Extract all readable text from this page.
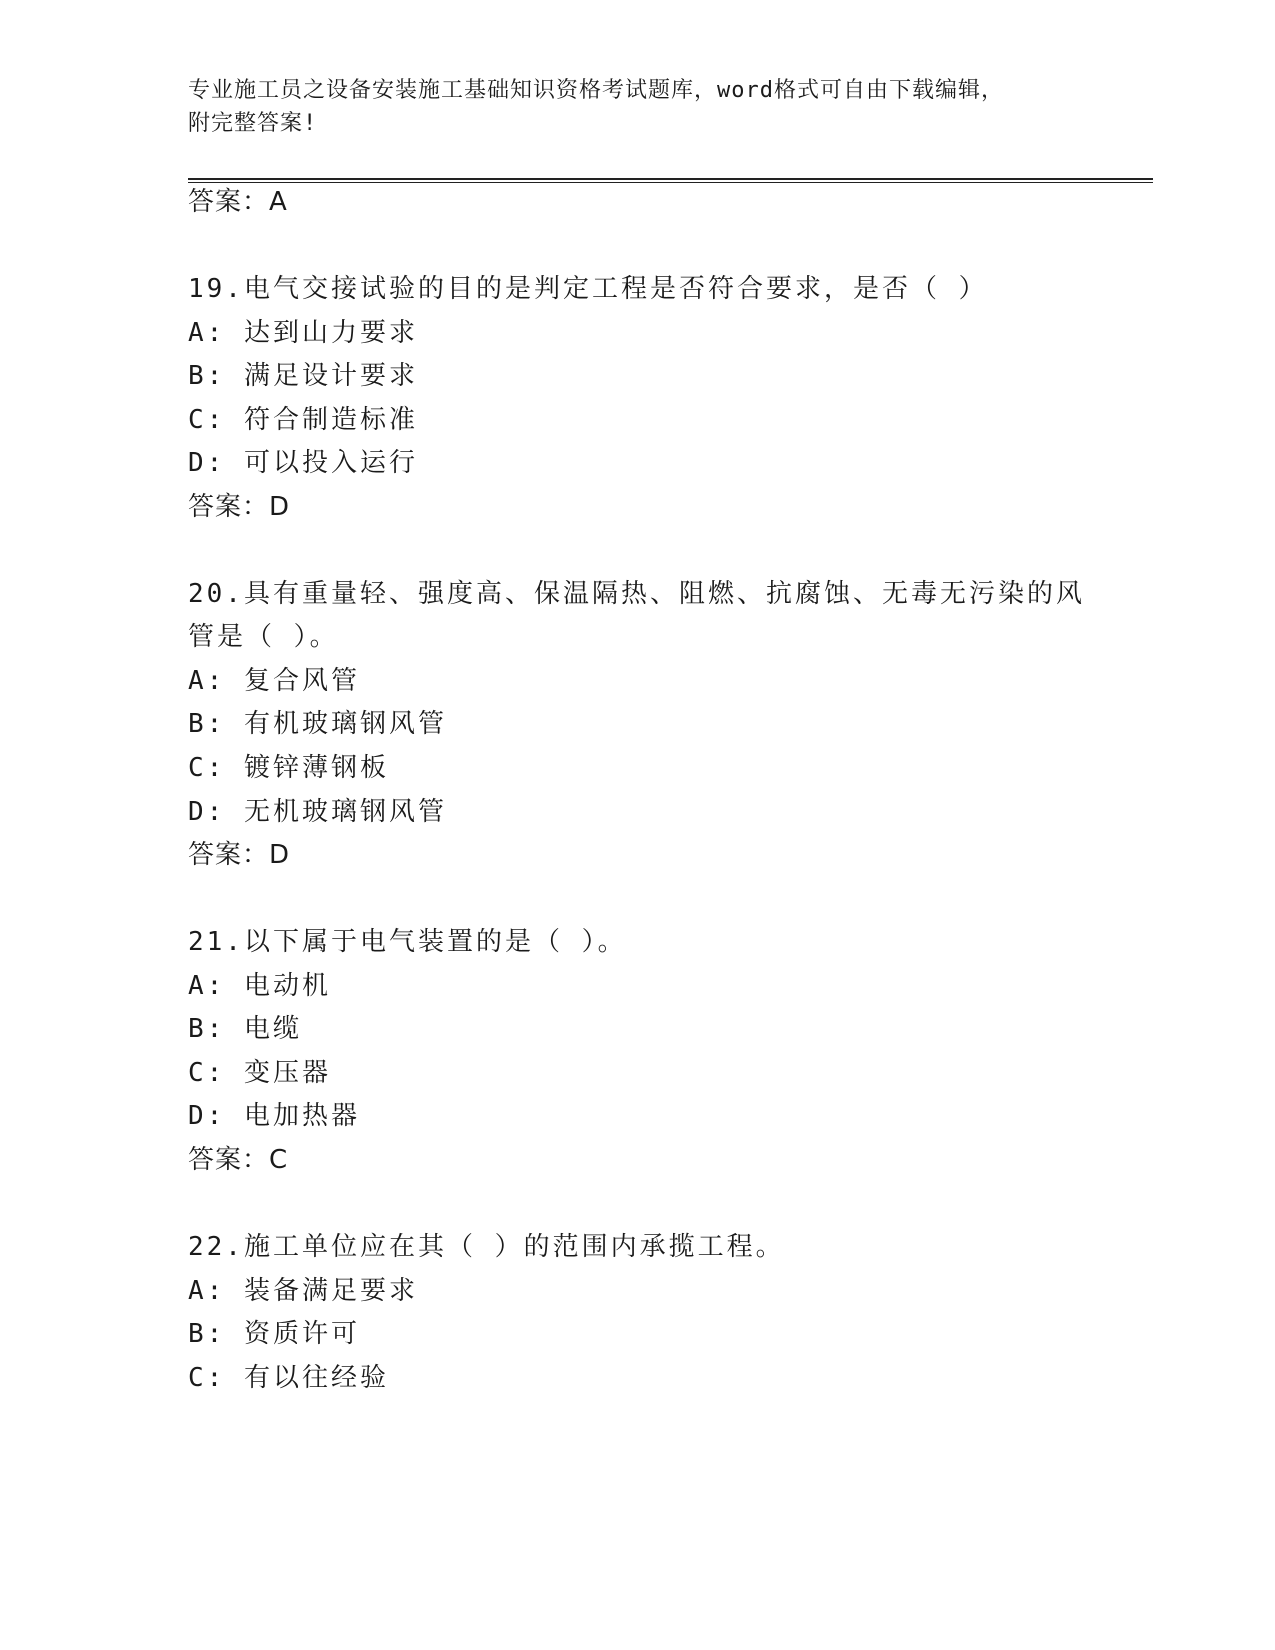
专业施工员之设备安装施工基础知识资格考试题库，word格式可自由下载编辑，
附完整答案!
答案：A
19.电气交接试验的目的是判定工程是否符合要求，是否（ ）
A: 达到山力要求
B: 满足设计要求
C: 符合制造标准
D: 可以投入运行
答案：D
20.具有重量轻、强度高、保温隔热、阻燃、抗腐蚀、无毒无污染的风
管是（ ）。
A: 复合风管
B: 有机玻璃钢风管
C: 镀锌薄钢板
D: 无机玻璃钢风管
答案：D
21.以下属于电气装置的是（ ）。
A: 电动机
B: 电缆
C: 变压器
D: 电加热器
答案：C
22.施工单位应在其（ ）的范围内承揽工程。
A: 装备满足要求
B: 资质许可
C: 有以往经验
